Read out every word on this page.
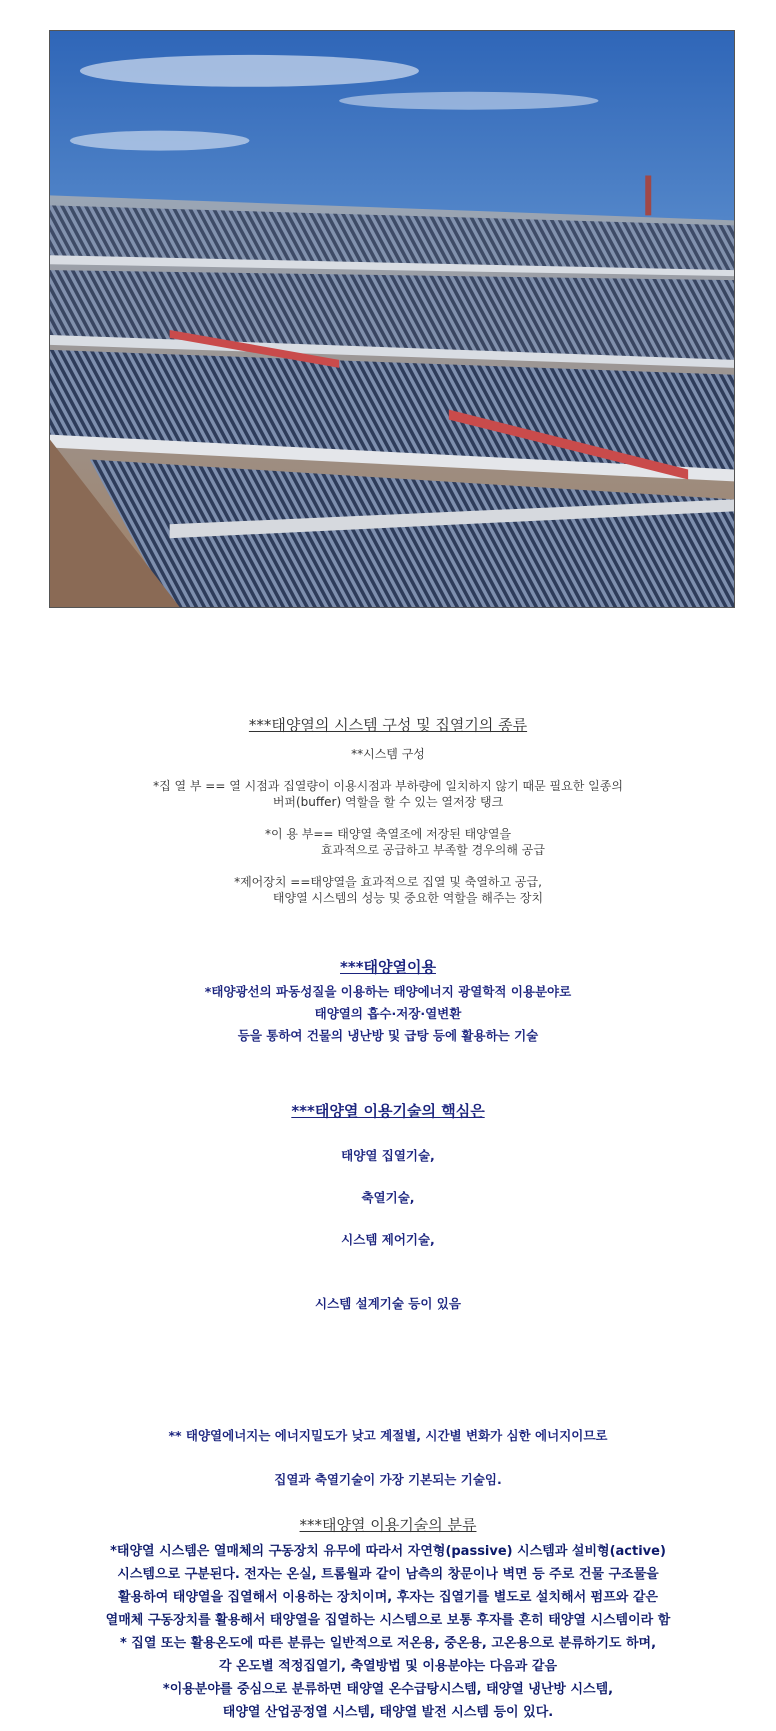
***태양열의 시스템 구성 및 집열기의 종류
**시스템 구성
*집 열 부 == 열 시점과 집열량이 이용시점과 부하량에 일치하지 않기 때문 필요한 일종의
버퍼(buffer) 역할을 할 수 있는 열저장 탱크
*이 용 부== 태양열 축열조에 저장된 태양열을
효과적으로 공급하고 부족할 경우의해 공급
*제어장치 ==태양열을 효과적으로 집열 및 축열하고 공급,
태양열 시스템의 성능 및 중요한 역할을 해주는 장치
***태양열이용
*태양광선의 파동성질을 이용하는 태양에너지 광열학적 이용분야로
태양열의 흡수·저장·열변환
등을 통하여 건물의 냉난방 및 급탕 등에 활용하는 기술
***태양열 이용기술의 핵심은
태양열 집열기술,
축열기술,
시스템 제어기술,
시스템 설계기술 등이 있음
** 태양열에너지는 에너지밀도가 낮고 계절별, 시간별 변화가 심한 에너지이므로
집열과 축열기술이 가장 기본되는 기술임.
***태양열 이용기술의 분류
*태양열 시스템은 열매체의 구동장치 유무에 따라서 자연형(passive) 시스템과 설비형(active)
시스템으로 구분된다. 전자는 온실, 트롬월과 같이 남측의 창문이나 벽면 등 주로 건물 구조물을
활용하여 태양열을 집열해서 이용하는 장치이며, 후자는 집열기를 별도로 설치해서 펌프와 같은
열매체 구동장치를 활용해서 태양열을 집열하는 시스템으로 보통 후자를 흔히 태양열 시스템이라 함
* 집열 또는 활용온도에 따른 분류는 일반적으로 저온용, 중온용, 고온용으로 분류하기도 하며,
각 온도별 적정집열기, 축열방법 및 이용분야는 다음과 같음
*이용분야를 중심으로 분류하면 태양열 온수급탕시스템, 태양열 냉난방 시스템,
태양열 산업공정열 시스템, 태양열 발전 시스템 등이 있다.
